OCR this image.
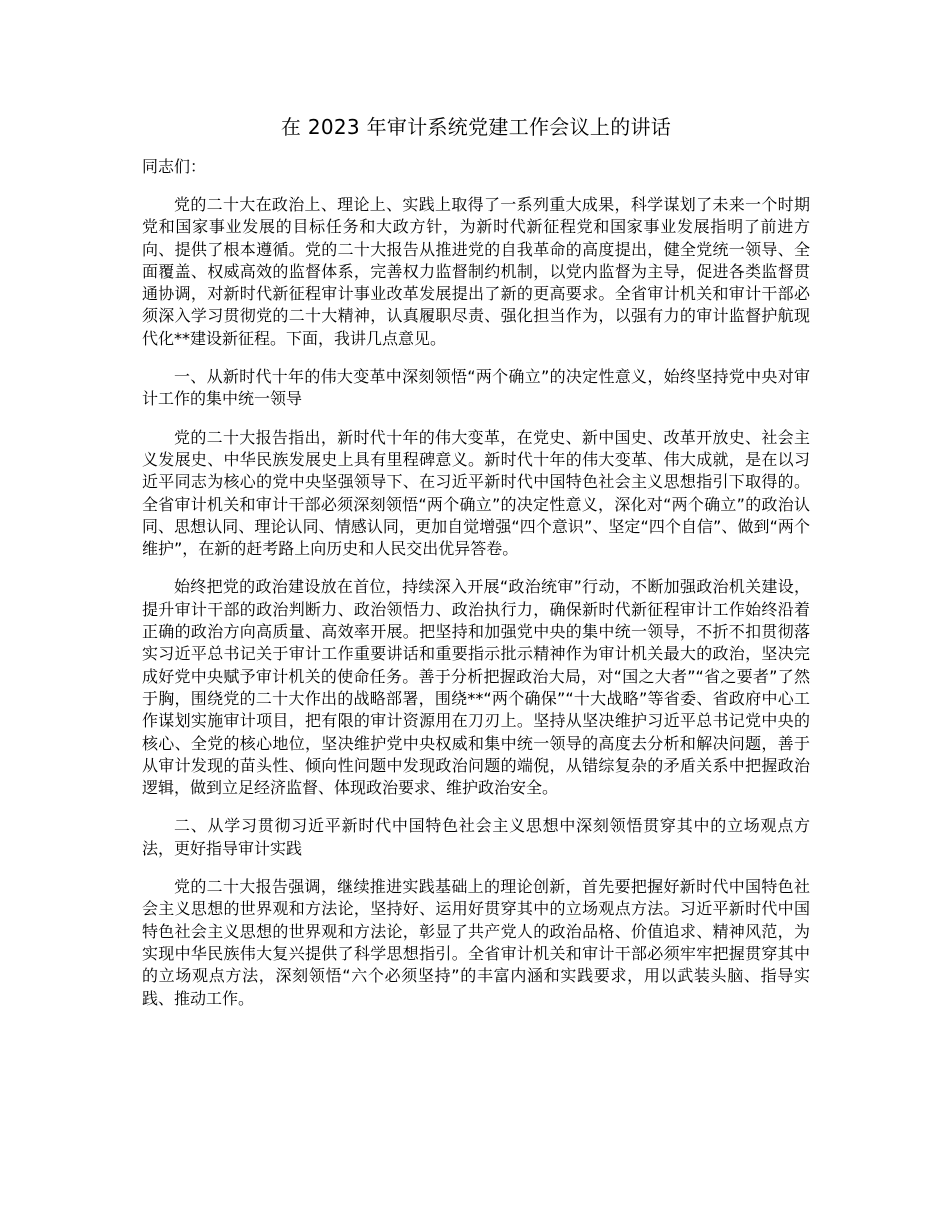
在 2023 年审计系统党建工作会议上的讲话
同志们：

党的二十大在政治上、理论上、实践上取得了一系列重大成果，科学谋划了未来一个时期党和国家事业发展的目标任务和大政方针，为新时代新征程党和国家事业发展指明了前进方向、提供了根本遵循。党的二十大报告从推进党的自我革命的高度提出，健全党统一领导、全面覆盖、权威高效的监督体系，完善权力监督制约机制，以党内监督为主导，促进各类监督贯通协调，对新时代新征程审计事业改革发展提出了新的更高要求。全省审计机关和审计干部必须深入学习贯彻党的二十大精神，认真履职尽责、强化担当作为，以强有力的审计监督护航现代化**建设新征程。下面，我讲几点意见。

一、从新时代十年的伟大变革中深刻领悟“两个确立”的决定性意义，始终坚持党中央对审计工作的集中统一领导

党的二十大报告指出，新时代十年的伟大变革，在党史、新中国史、改革开放史、社会主义发展史、中华民族发展史上具有里程碑意义。新时代十年的伟大变革、伟大成就，是在以习近平同志为核心的党中央坚强领导下、在习近平新时代中国特色社会主义思想指引下取得的。全省审计机关和审计干部必须深刻领悟“两个确立”的决定性意义，深化对“两个确立”的政治认同、思想认同、理论认同、情感认同，更加自觉增强“四个意识”、坚定“四个自信”、做到“两个维护”，在新的赶考路上向历史和人民交出优异答卷。

始终把党的政治建设放在首位，持续深入开展“政治统审”行动，不断加强政治机关建设，提升审计干部的政治判断力、政治领悟力、政治执行力，确保新时代新征程审计工作始终沿着正确的政治方向高质量、高效率开展。把坚持和加强党中央的集中统一领导，不折不扣贯彻落实习近平总书记关于审计工作重要讲话和重要指示批示精神作为审计机关最大的政治，坚决完成好党中央赋予审计机关的使命任务。善于分析把握政治大局，对“国之大者”“省之要者”了然于胸，围绕党的二十大作出的战略部署，围绕**“两个确保”“十大战略”等省委、省政府中心工作谋划实施审计项目，把有限的审计资源用在刀刃上。坚持从坚决维护习近平总书记党中央的核心、全党的核心地位，坚决维护党中央权威和集中统一领导的高度去分析和解决问题，善于从审计发现的苗头性、倾向性问题中发现政治问题的端倪，从错综复杂的矛盾关系中把握政治逻辑，做到立足经济监督、体现政治要求、维护政治安全。

二、从学习贯彻习近平新时代中国特色社会主义思想中深刻领悟贯穿其中的立场观点方法，更好指导审计实践

党的二十大报告强调，继续推进实践基础上的理论创新，首先要把握好新时代中国特色社会主义思想的世界观和方法论，坚持好、运用好贯穿其中的立场观点方法。习近平新时代中国特色社会主义思想的世界观和方法论，彰显了共产党人的政治品格、价值追求、精神风范，为实现中华民族伟大复兴提供了科学思想指引。全省审计机关和审计干部必须牢牢把握贯穿其中的立场观点方法，深刻领悟“六个必须坚持”的丰富内涵和实践要求，用以武装头脑、指导实践、推动工作。
